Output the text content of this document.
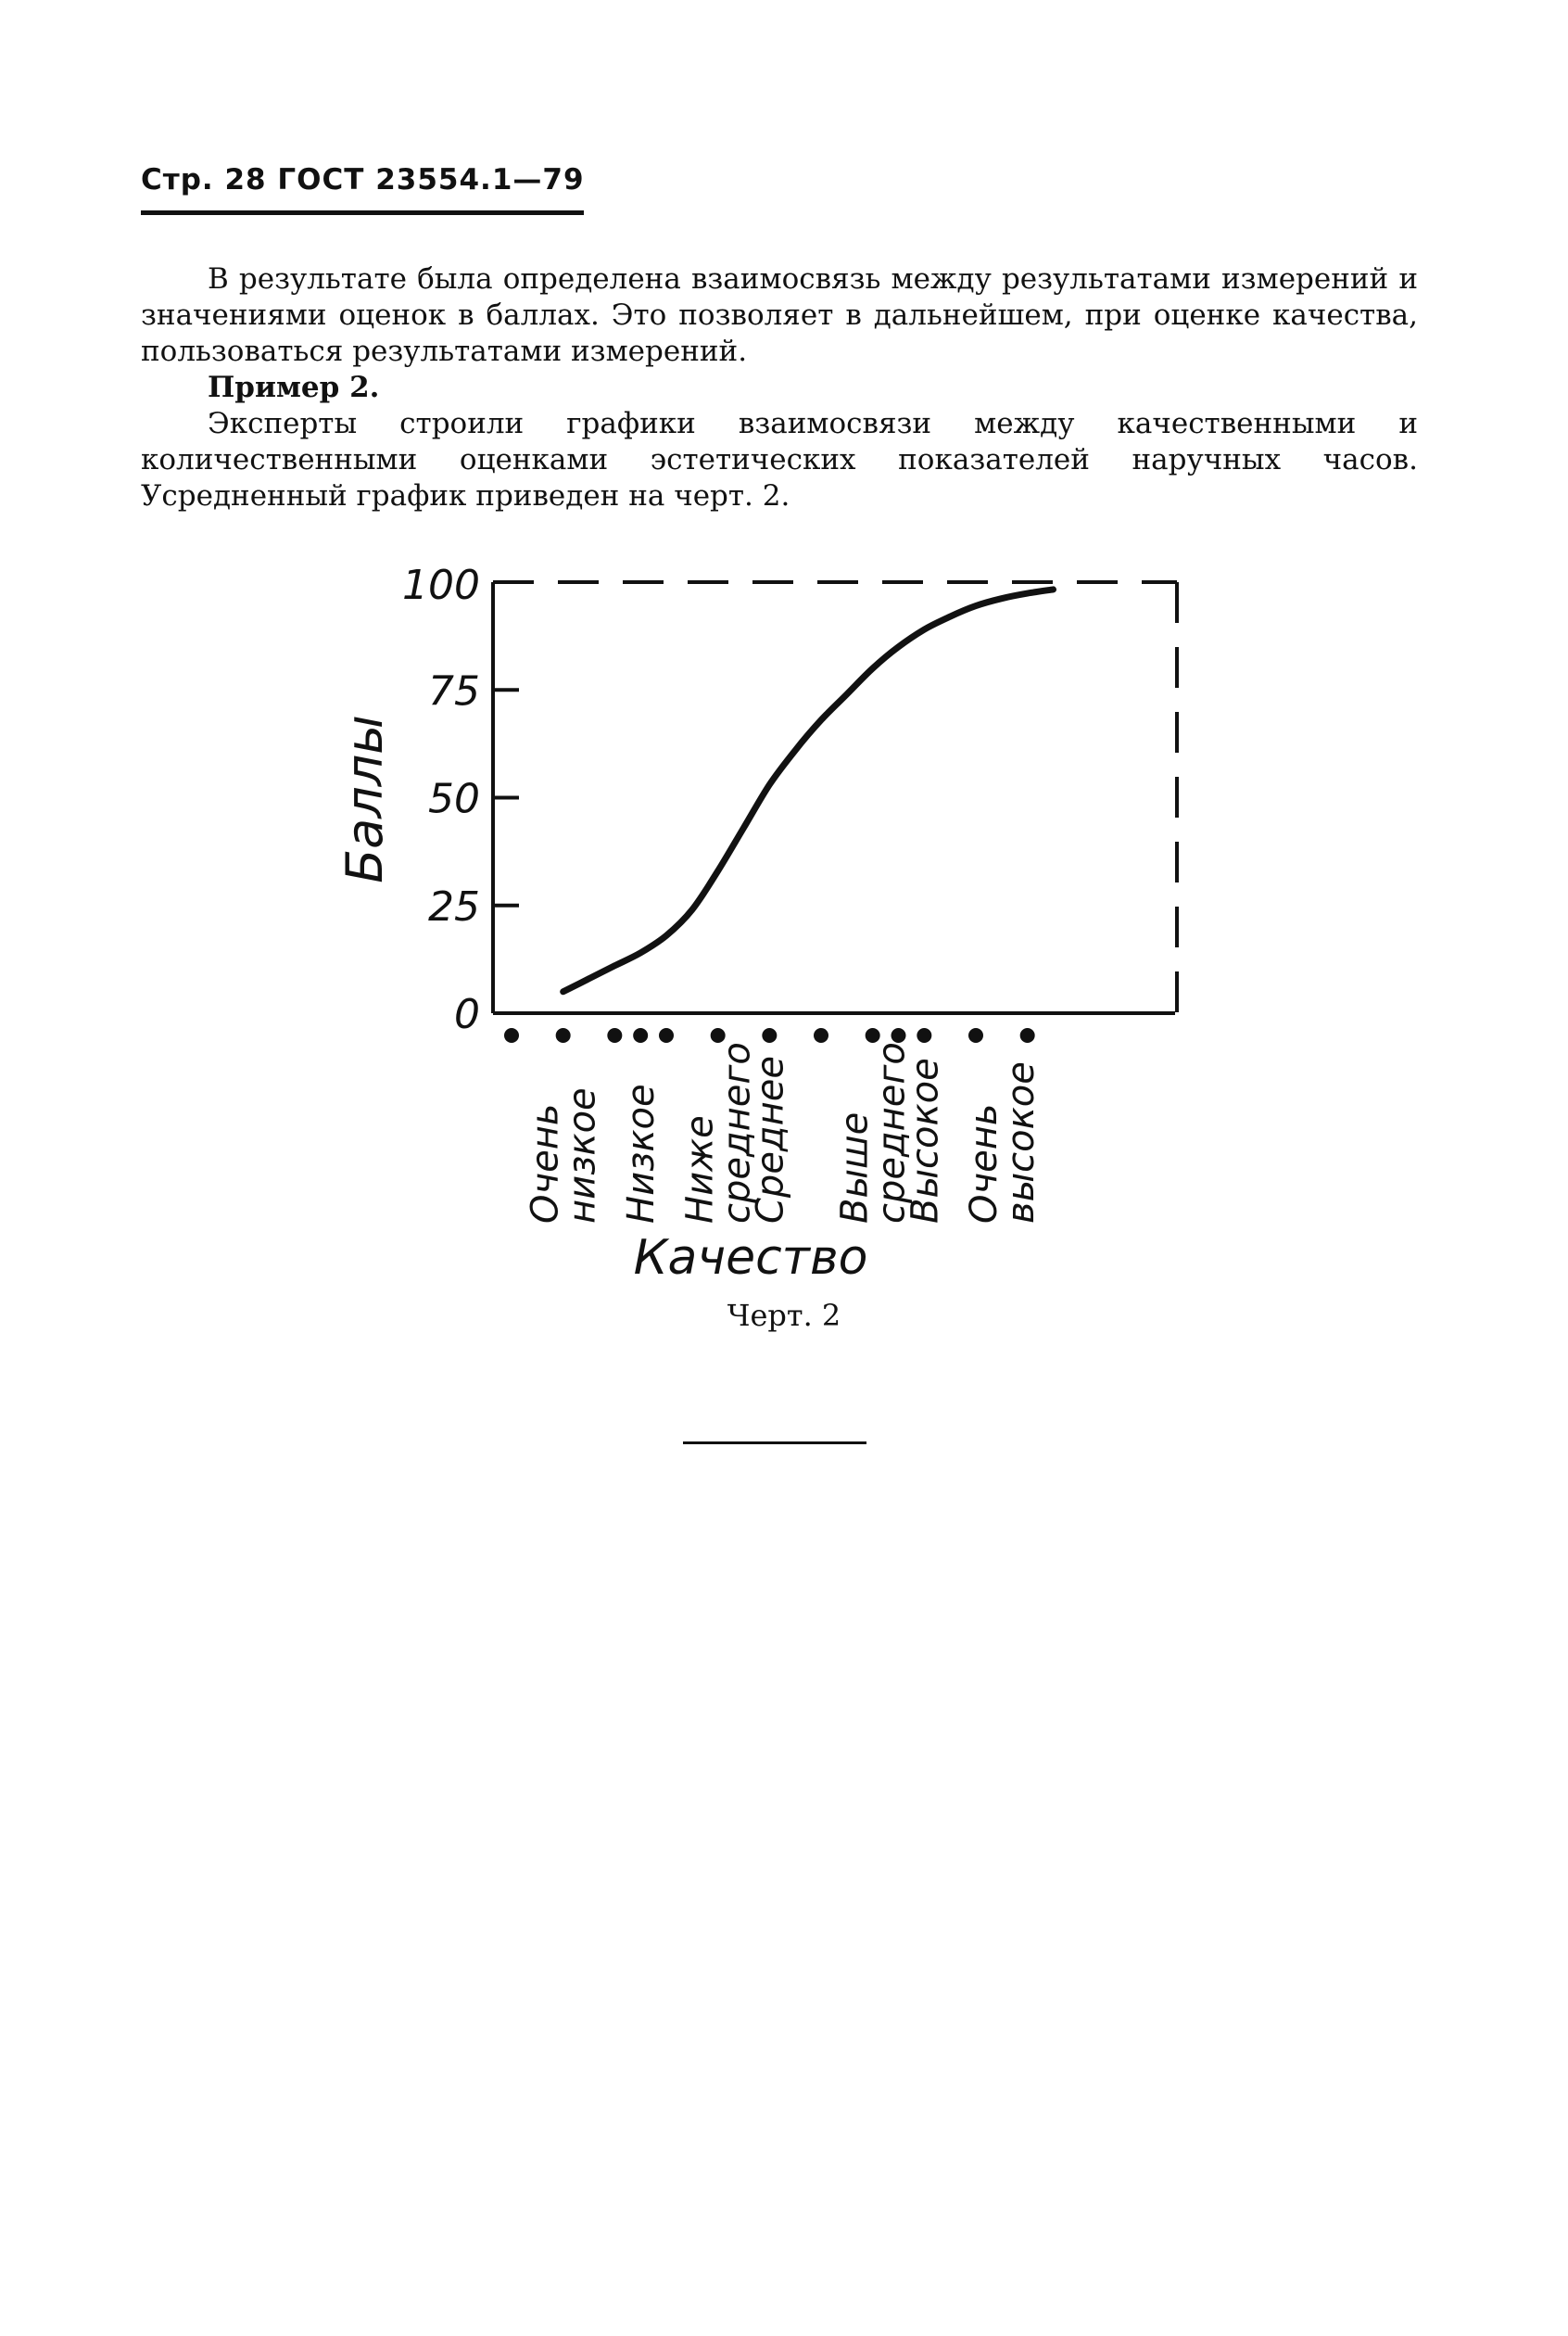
Стр. 28 ГОСТ 23554.1—79

В результате была определена взаимосвязь между результатами измерений и значениями оценок в баллах. Это позволяет в дальнейшем, при оценке качества, пользоваться результатами измерений.

Пример 2.

Эксперты строили графики взаимосвязи между качественными и количественными оценками эстетических показателей наручных часов. Усредненный график приведен на черт. 2.

0
25
50
75
100
Баллы
Оченьнизкое Низкое Нижесреднего
Среднее Вышесреднего
Высокое Оченьвысокое
Качество
Черт. 2
